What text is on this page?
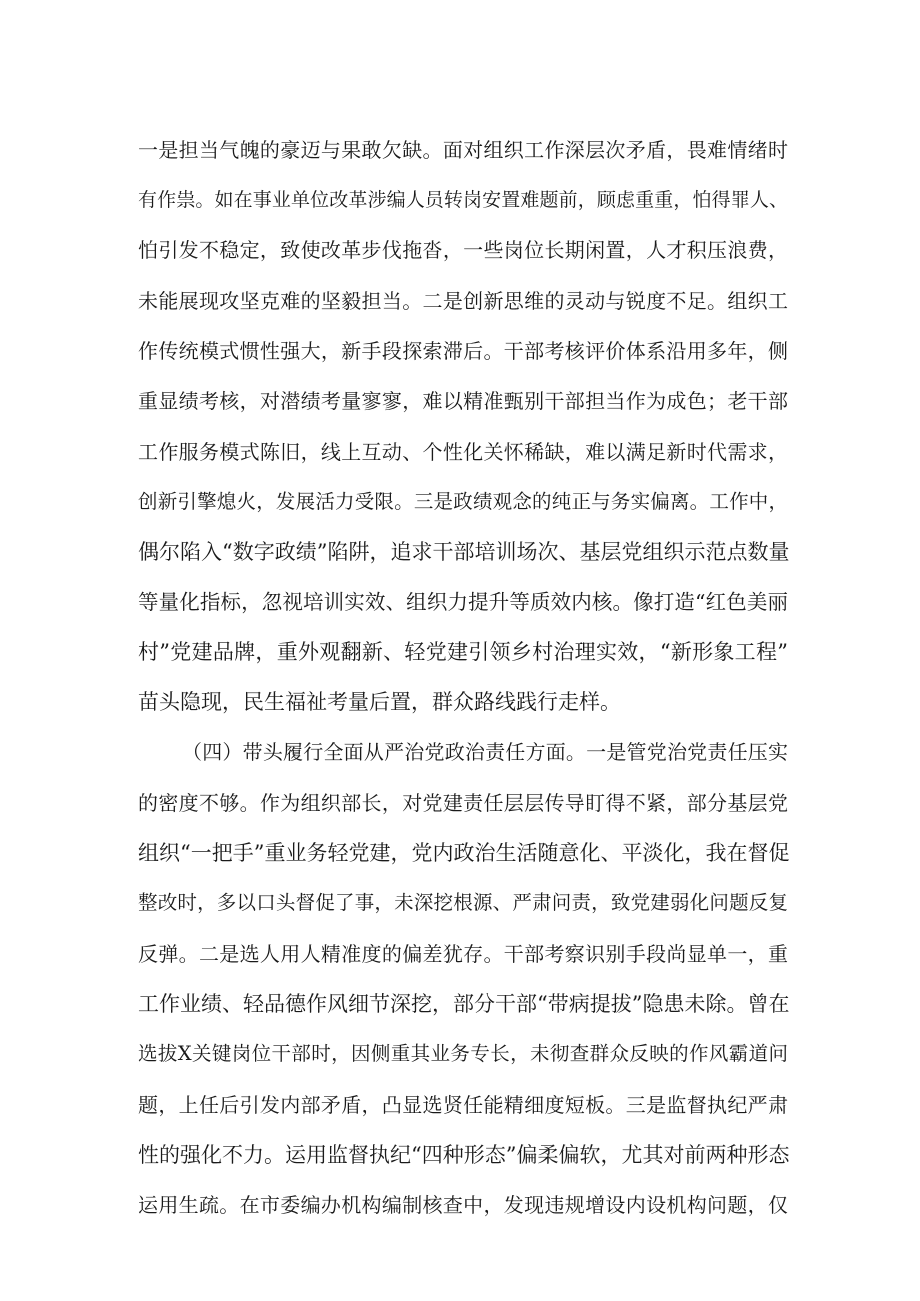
一是担当气魄的豪迈与果敢欠缺。面对组织工作深层次矛盾，畏难情绪时
有作祟。如在事业单位改革涉编人员转岗安置难题前，顾虑重重，怕得罪人、
怕引发不稳定，致使改革步伐拖沓，一些岗位长期闲置，人才积压浪费，
未能展现攻坚克难的坚毅担当。二是创新思维的灵动与锐度不足。组织工
作传统模式惯性强大，新手段探索滞后。干部考核评价体系沿用多年，侧
重显绩考核，对潜绩考量寥寥，难以精准甄别干部担当作为成色；老干部
工作服务模式陈旧，线上互动、个性化关怀稀缺，难以满足新时代需求，
创新引擎熄火，发展活力受限。三是政绩观念的纯正与务实偏离。工作中，
偶尔陷入“数字政绩”陷阱，追求干部培训场次、基层党组织示范点数量
等量化指标，忽视培训实效、组织力提升等质效内核。像打造“红色美丽
村”党建品牌，重外观翻新、轻党建引领乡村治理实效，“新形象工程”
苗头隐现，民生福祉考量后置，群众路线践行走样。
（四）带头履行全面从严治党政治责任方面。一是管党治党责任压实
的密度不够。作为组织部长，对党建责任层层传导盯得不紧，部分基层党
组织“一把手”重业务轻党建，党内政治生活随意化、平淡化，我在督促
整改时，多以口头督促了事，未深挖根源、严肃问责，致党建弱化问题反复
反弹。二是选人用人精准度的偏差犹存。干部考察识别手段尚显单一，重
工作业绩、轻品德作风细节深挖，部分干部“带病提拔”隐患未除。曾在
选拔X关键岗位干部时，因侧重其业务专长，未彻查群众反映的作风霸道问
题，上任后引发内部矛盾，凸显选贤任能精细度短板。三是监督执纪严肃
性的强化不力。运用监督执纪“四种形态”偏柔偏软，尤其对前两种形态
运用生疏。在市委编办机构编制核查中，发现违规增设内设机构问题，仅
